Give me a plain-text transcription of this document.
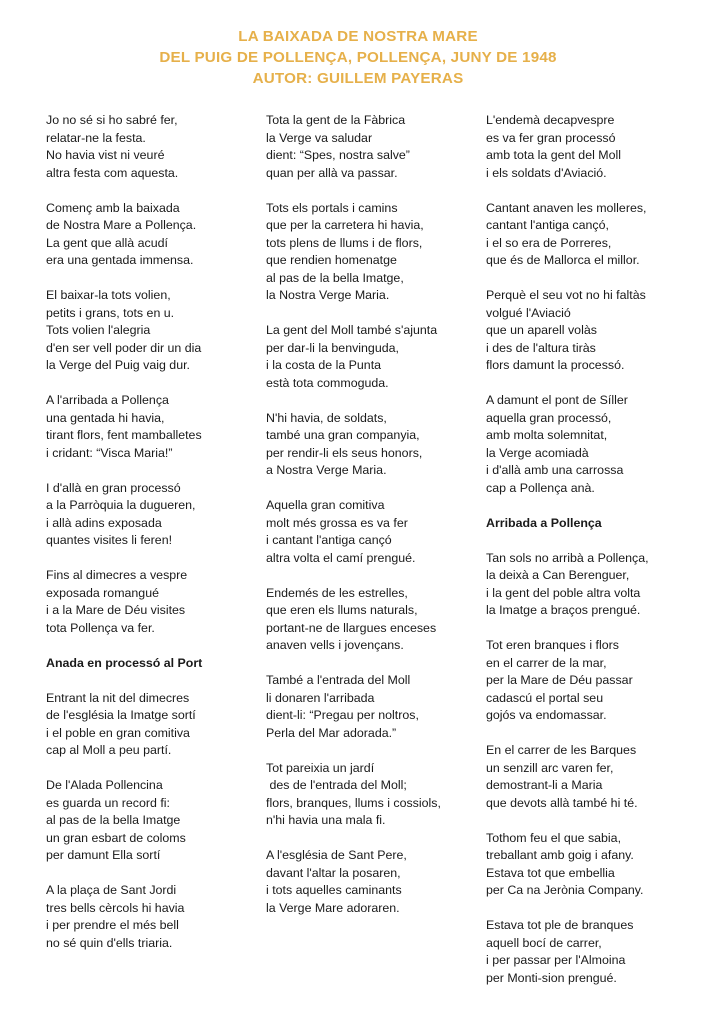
LA BAIXADA DE NOSTRA MARE
DEL PUIG DE POLLENÇA, POLLENÇA, JUNY DE 1948
AUTOR: GUILLEM PAYERAS
Jo no sé si ho sabré fer,
relatar-ne la festa.
No havia vist ni veuré
altra festa com aquesta.
Començ amb la baixada
de Nostra Mare a Pollença.
La gent que allà acudí
era una gentada immensa.
El baixar-la tots volien,
petits i grans, tots en u.
Tots volien l'alegria
d'en ser vell poder dir un dia
la Verge del Puig vaig dur.
A l'arribada a Pollença
una gentada hi havia,
tirant flors, fent mamballetes
i cridant: “Visca Maria!”
I d'allà en gran processó
a la Parròquia la dugueren,
i allà adins exposada
quantes visites li feren!
Fins al dimecres a vespre
exposada romangué
i a la Mare de Déu visites
tota Pollença va fer.
Anada en processó al Port
Entrant la nit del dimecres
de l'església la Imatge sortí
i el poble en gran comitiva
cap al Moll a peu partí.
De l'Alada Pollencina
es guarda un record fi:
al pas de la bella Imatge
un gran esbart de coloms
per damunt Ella sortí
A la plaça de Sant Jordi
tres bells cèrcols hi havia
i per prendre el més bell
no sé quin d'ells triaria.
Tota la gent de la Fàbrica
la Verge va saludar
dient: “Spes, nostra salve”
quan per allà va passar.
Tots els portals i camins
que per la carretera hi havia,
tots plens de llums i de flors,
que rendien homenatge
al pas de la bella Imatge,
la Nostra Verge Maria.
La gent del Moll també s'ajunta
per dar-li la benvinguda,
i la costa de la Punta
està tota commoguda.
N'hi havia, de soldats,
també una gran companyia,
per rendir-li els seus honors,
a Nostra Verge Maria.
Aquella gran comitiva
molt més grossa es va fer
i cantant l'antiga cançó
altra volta el camí prengué.
Endemés de les estrelles,
que eren els llums naturals,
portant-ne de llargues enceses
anaven vells i jovençans.
També a l'entrada del Moll
li donaren l'arribada
dient-li: “Pregau per noltros,
Perla del Mar adorada.”
Tot pareixia un jardí
des de l'entrada del Moll;
flors, branques, llums i cossiols,
n'hi havia una mala fi.
A l'església de Sant Pere,
davant l'altar la posaren,
i tots aquelles caminants
la Verge Mare adoraren.
L'endemà decapvespre
es va fer gran processó
amb tota la gent del Moll
i els soldats d'Aviació.
Cantant anaven les molleres,
cantant l'antiga cançó,
i el so era de Porreres,
que és de Mallorca el millor.
Perquè el seu vot no hi faltàs
volgué l'Aviació
que un aparell volàs
i des de l'altura tiràs
flors damunt la processó.
A damunt el pont de Síller
aquella gran processó,
amb molta solemnitat,
la Verge acomiadà
i d'allà amb una carrossa
cap a Pollença anà.
Arribada a Pollença
Tan sols no arribà a Pollença,
la deixà a Can Berenguer,
i la gent del poble altra volta
la Imatge a braços prengué.
Tot eren branques i flors
en el carrer de la mar,
per la Mare de Déu passar
cadascú el portal seu
gojós va endomassar.
En el carrer de les Barques
un senzill arc varen fer,
demostrant-li a Maria
que devots allà també hi té.
Tothom feu el que sabia,
treballant amb goig i afany.
Estava tot que embellia
per Ca na Jerònia Company.
Estava tot ple de branques
aquell bocí de carrer,
i per passar per l'Almoina
per Monti-sion prengué.
